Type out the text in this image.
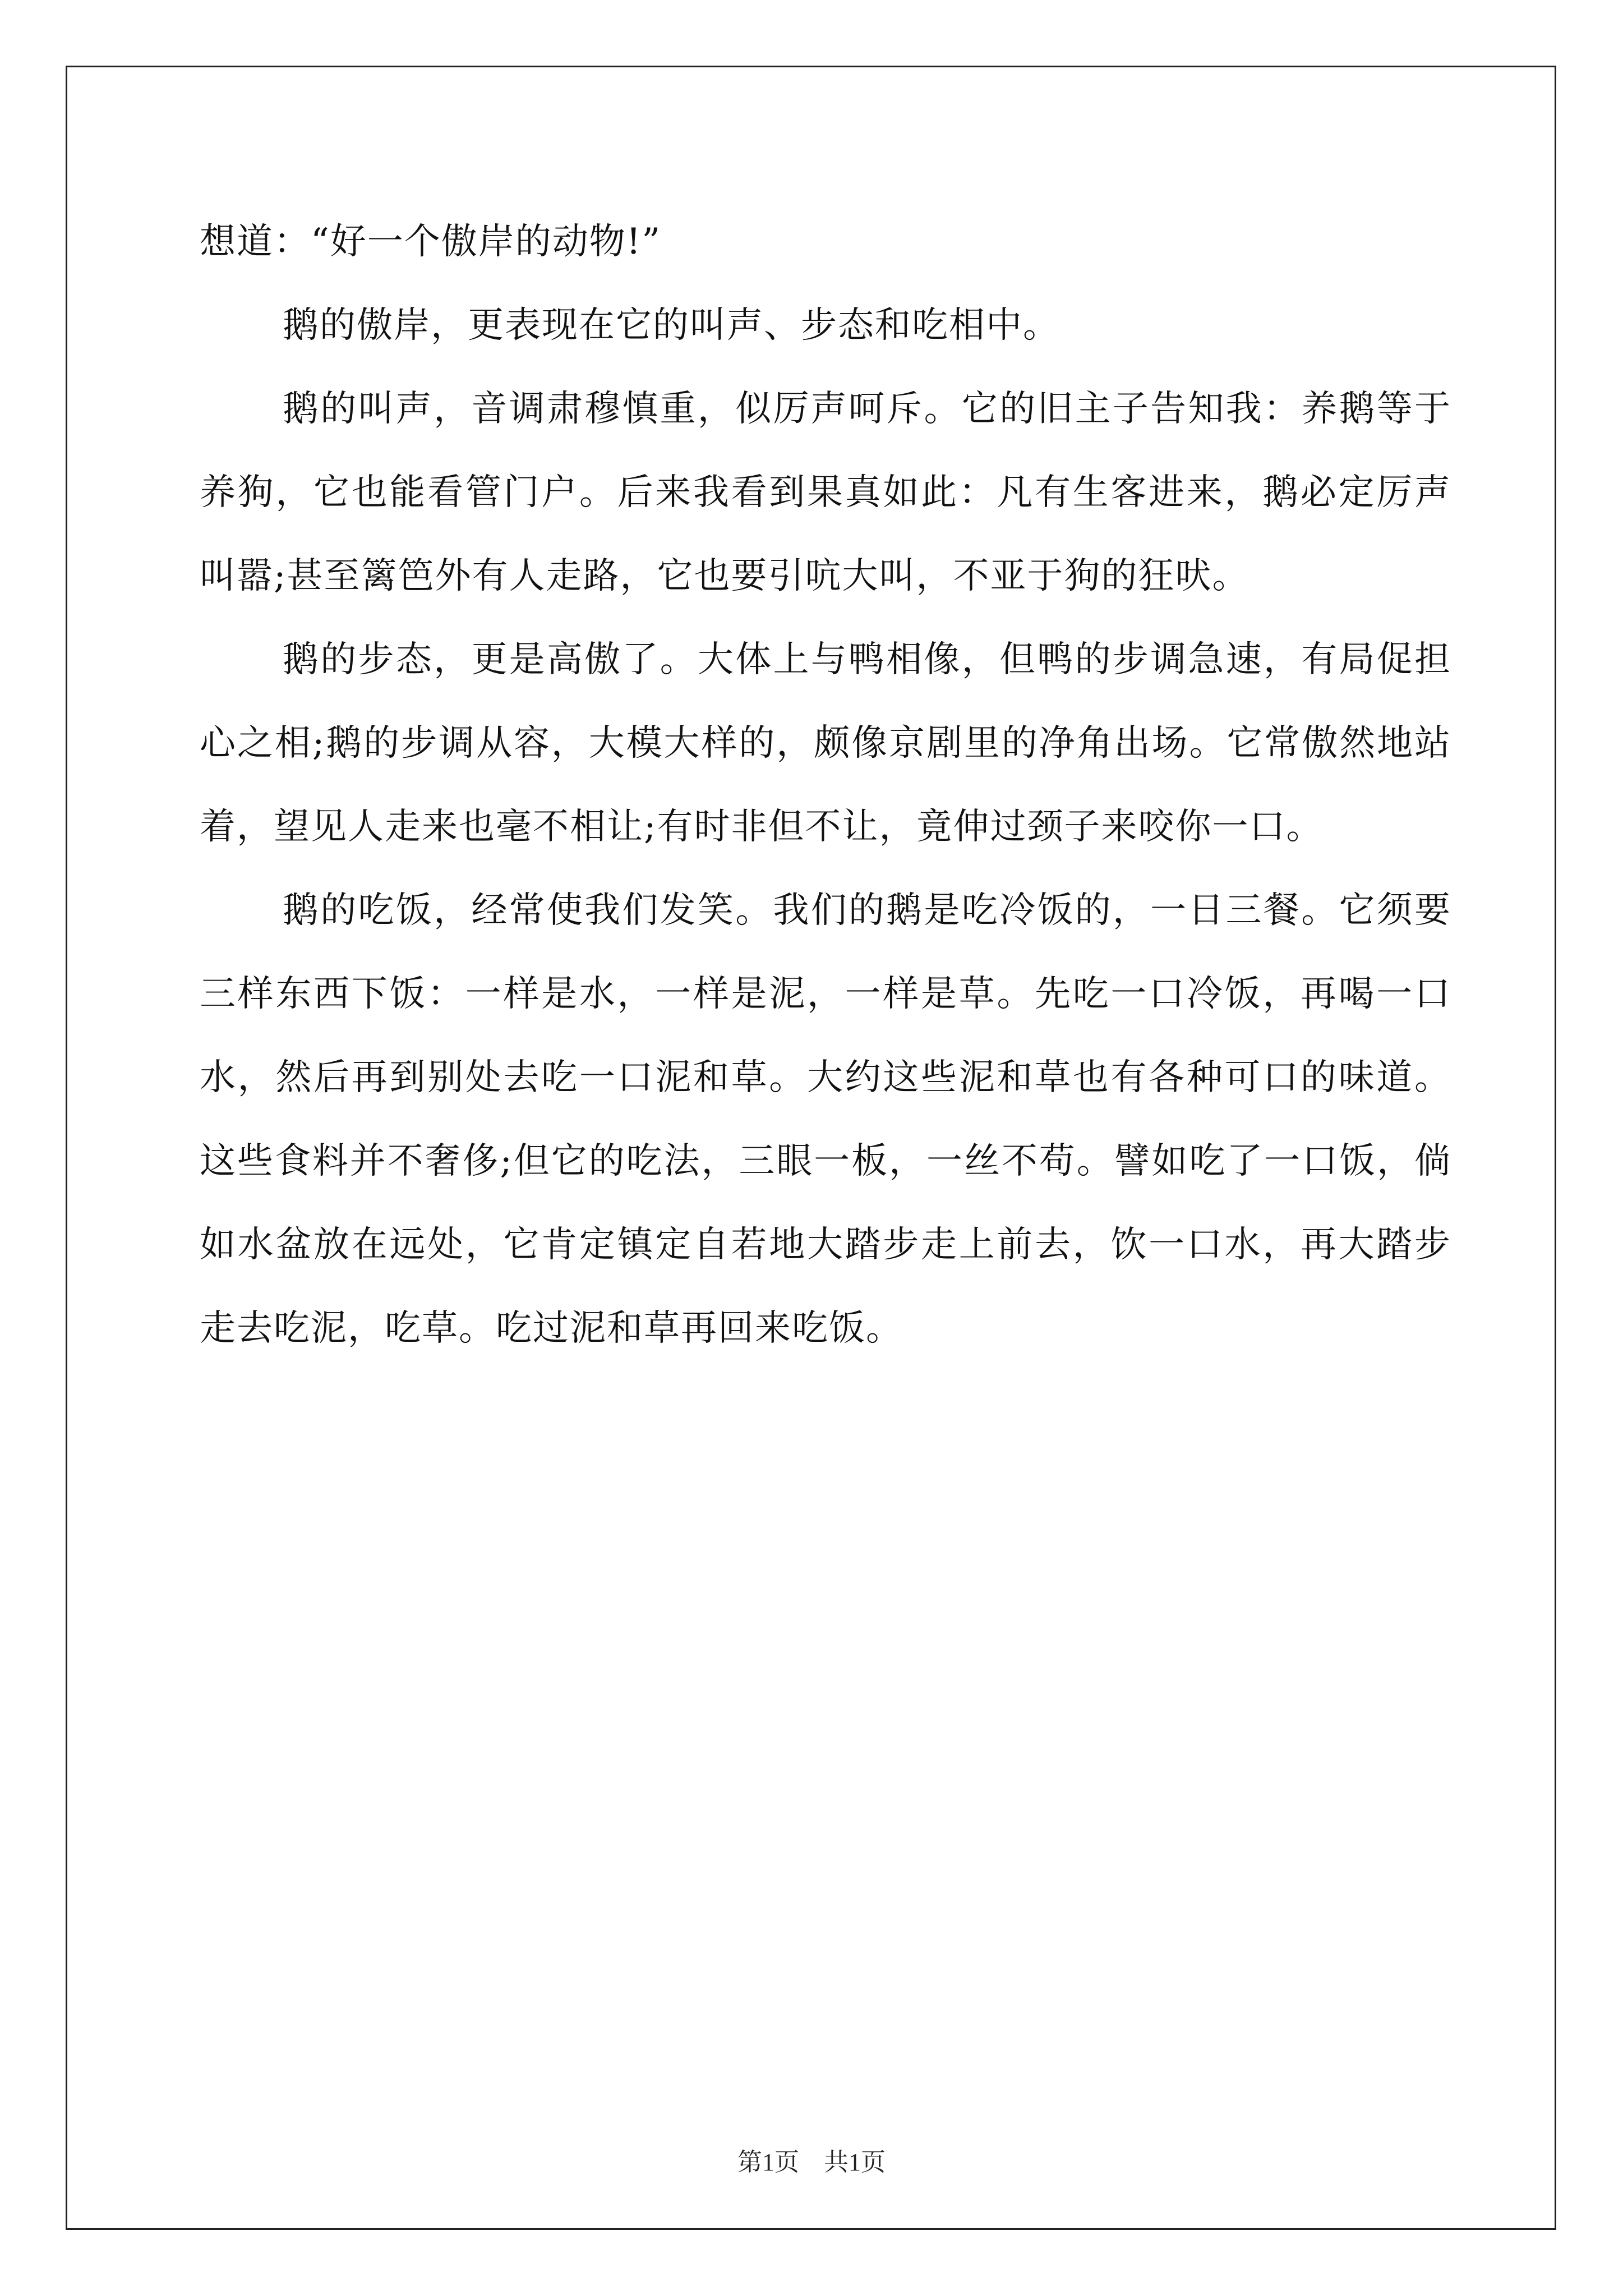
想道：“好一个傲岸的动物!”

鹅的傲岸，更表现在它的叫声、步态和吃相中。

鹅的叫声，音调肃穆慎重，似厉声呵斥。它的旧主子告知我：养鹅等于养狗，它也能看管门户。后来我看到果真如此：凡有生客进来，鹅必定厉声叫嚣;甚至篱笆外有人走路，它也要引吭大叫，不亚于狗的狂吠。

鹅的步态，更是高傲了。大体上与鸭相像，但鸭的步调急速，有局促担心之相;鹅的步调从容，大模大样的，颇像京剧里的净角出场。它常傲然地站着，望见人走来也毫不相让;有时非但不让，竟伸过颈子来咬你一口。

鹅的吃饭，经常使我们发笑。我们的鹅是吃冷饭的，一日三餐。它须要三样东西下饭：一样是水，一样是泥，一样是草。先吃一口冷饭，再喝一口水，然后再到别处去吃一口泥和草。大约这些泥和草也有各种可口的味道。这些食料并不奢侈;但它的吃法，三眼一板，一丝不苟。譬如吃了一口饭，倘如水盆放在远处，它肯定镇定自若地大踏步走上前去，饮一口水，再大踏步走去吃泥，吃草。吃过泥和草再回来吃饭。

第1页 共1页
